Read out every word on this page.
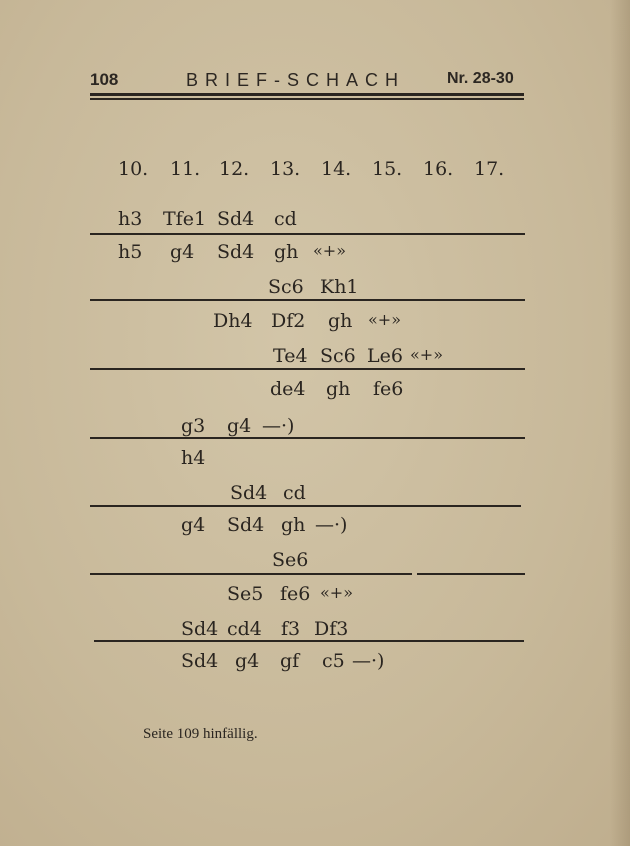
108	BRIEF-SCHACH	Nr. 28-30
10. 11. 12. 13. 14. 15. 16. 17.
h3 Tfe1 Sd4 cd
h5 g4 Sd4 gh «+»
Sc6 Kh1
Dh4 Df2 gh «+»
Te4 Sc6 Le6 «+»
de4 gh fe6
g3 g4 —·)
h4
Sd4 cd
g4 Sd4 gh —·)
Se6
Se5 fe6 «+»
Sd4 cd4 f3 Df3
Sd4 g4 gf c5 —·)
Seite 109 hinfällig.
